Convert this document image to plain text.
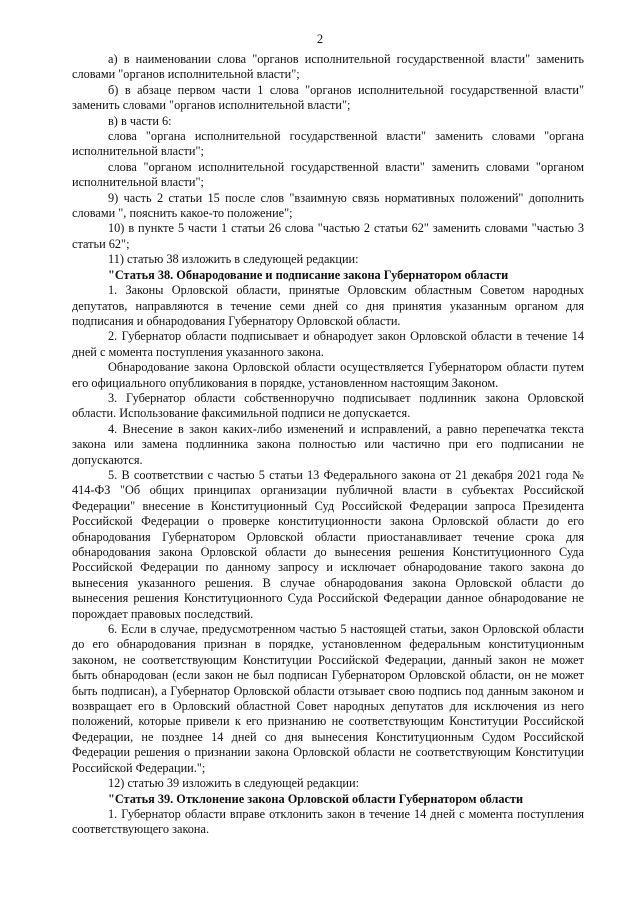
2

а) в наименовании слова "органов исполнительной государственной власти" заменить словами "органов исполнительной власти";

б) в абзаце первом части 1 слова "органов исполнительной государственной власти" заменить словами "органов исполнительной власти";

в) в части 6:

слова "органа исполнительной государственной власти" заменить словами "органа исполнительной власти";

слова "органом исполнительной государственной власти" заменить словами "органом исполнительной власти";

9) часть 2 статьи 15 после слов "взаимную связь нормативных положений" дополнить словами ", пояснить какое-то положение";

10) в пункте 5 части 1 статьи 26 слова "частью 2 статьи 62" заменить словами "частью 3 статьи 62";

11) статью 38 изложить в следующей редакции:

"Статья 38. Обнародование и подписание закона Губернатором области

1. Законы Орловской области, принятые Орловским областным Советом народных депутатов, направляются в течение семи дней со дня принятия указанным органом для подписания и обнародования Губернатору Орловской области.

2. Губернатор области подписывает и обнародует закон Орловской области в течение 14 дней с момента поступления указанного закона.

Обнародование закона Орловской области осуществляется Губернатором области путем его официального опубликования в порядке, установленном настоящим Законом.

3. Губернатор области собственноручно подписывает подлинник закона Орловской области. Использование факсимильной подписи не допускается.

4. Внесение в закон каких-либо изменений и исправлений, а равно перепечатка текста закона или замена подлинника закона полностью или частично при его подписании не допускаются.

5. В соответствии с частью 5 статьи 13 Федерального закона от 21 декабря 2021 года № 414-ФЗ "Об общих принципах организации публичной власти в субъектах Российской Федерации" внесение в Конституционный Суд Российской Федерации запроса Президента Российской Федерации о проверке конституционности закона Орловской области до его обнародования Губернатором Орловской области приостанавливает течение срока для обнародования закона Орловской области до вынесения решения Конституционного Суда Российской Федерации по данному запросу и исключает обнародование такого закона до вынесения указанного решения. В случае обнародования закона Орловской области до вынесения решения Конституционного Суда Российской Федерации данное обнародование не порождает правовых последствий.

6. Если в случае, предусмотренном частью 5 настоящей статьи, закон Орловской области до его обнародования признан в порядке, установленном федеральным конституционным законом, не соответствующим Конституции Российской Федерации, данный закон не может быть обнародован (если закон не был подписан Губернатором Орловской области, он не может быть подписан), а Губернатор Орловской области отзывает свою подпись под данным законом и возвращает его в Орловский областной Совет народных депутатов для исключения из него положений, которые привели к его признанию не соответствующим Конституции Российской Федерации, не позднее 14 дней со дня вынесения Конституционным Судом Российской Федерации решения о признании закона Орловской области не соответствующим Конституции Российской Федерации.";

12) статью 39 изложить в следующей редакции:

"Статья 39. Отклонение закона Орловской области Губернатором области

1. Губернатор области вправе отклонить закон в течение 14 дней с момента поступления соответствующего закона.
